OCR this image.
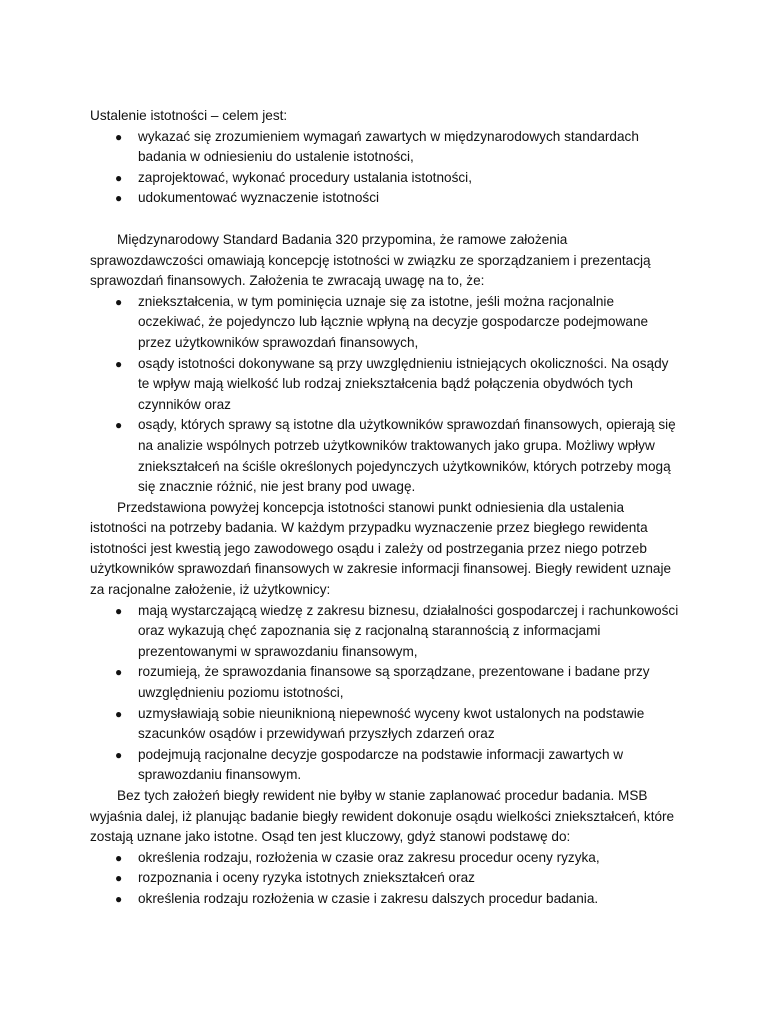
Ustalenie istotności – celem jest:

● wykazać się zrozumieniem wymagań zawartych w międzynarodowych standardach badania w odniesieniu do ustalenie istotności,
● zaprojektować, wykonać procedury ustalania istotności,
● udokumentować wyznaczenie istotności

Międzynarodowy Standard Badania 320 przypomina, że ramowe założenia sprawozdawczości omawiają koncepcję istotności w związku ze sporządzaniem i prezentacją sprawozdań finansowych. Założenia te zwracają uwagę na to, że:

● zniekształcenia, w tym pominięcia uznaje się za istotne, jeśli można racjonalnie oczekiwać, że pojedynczo lub łącznie wpłyną na decyzje gospodarcze podejmowane przez użytkowników sprawozdań finansowych,
● osądy istotności dokonywane są przy uwzględnieniu istniejących okoliczności. Na osądy te wpływ mają wielkość lub rodzaj zniekształcenia bądź połączenia obydwóch tych czynników oraz
● osądy, których sprawy są istotne dla użytkowników sprawozdań finansowych, opierają się na analizie wspólnych potrzeb użytkowników traktowanych jako grupa. Możliwy wpływ zniekształceń na ściśle określonych pojedynczych użytkowników, których potrzeby mogą się znacznie różnić, nie jest brany pod uwagę.

Przedstawiona powyżej koncepcja istotności stanowi punkt odniesienia dla ustalenia istotności na potrzeby badania. W każdym przypadku wyznaczenie przez biegłego rewidenta istotności jest kwestią jego zawodowego osądu i zależy od postrzegania przez niego potrzeb użytkowników sprawozdań finansowych w zakresie informacji finansowej. Biegły rewident uznaje za racjonalne założenie, iż użytkownicy:

● mają wystarczającą wiedzę z zakresu biznesu, działalności gospodarczej i rachunkowości oraz wykazują chęć zapoznania się z racjonalną starannością z informacjami prezentowanymi w sprawozdaniu finansowym,
● rozumieją, że sprawozdania finansowe są sporządzane, prezentowane i badane przy uwzględnieniu poziomu istotności,
● uzmysławiają sobie nieuniknioną niepewność wyceny kwot ustalonych na podstawie szacunków osądów i przewidywań przyszłych zdarzeń oraz
● podejmują racjonalne decyzje gospodarcze na podstawie informacji zawartych w sprawozdaniu finansowym.

Bez tych założeń biegły rewident nie byłby w stanie zaplanować procedur badania. MSB wyjaśnia dalej, iż planując badanie biegły rewident dokonuje osądu wielkości zniekształceń, które zostają uznane jako istotne. Osąd ten jest kluczowy, gdyż stanowi podstawę do:

● określenia rodzaju, rozłożenia w czasie oraz zakresu procedur oceny ryzyka,
● rozpoznania i oceny ryzyka istotnych zniekształceń oraz
● określenia rodzaju rozłożenia w czasie i zakresu dalszych procedur badania.
